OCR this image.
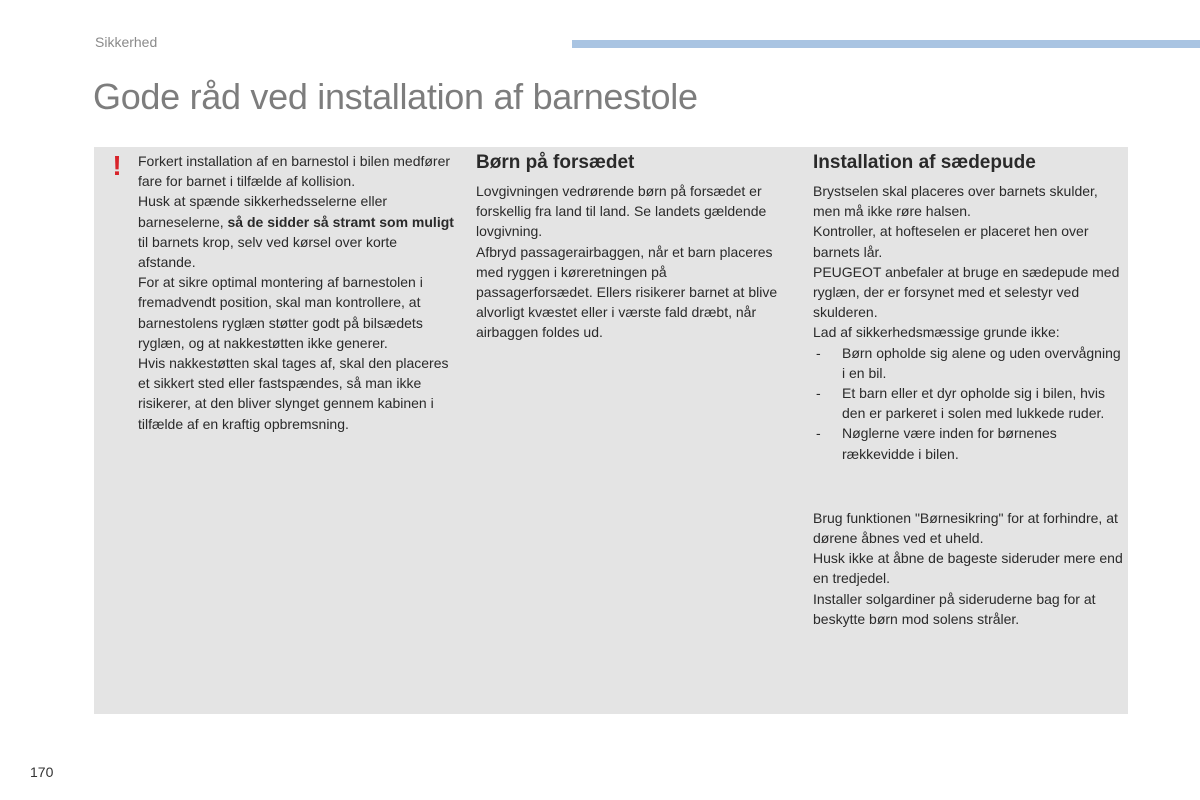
Sikkerhed
Gode råd ved installation af barnestole
!	Forkert installation af en barnestol i bilen medfører fare for barnet i tilfælde af kollision.

Husk at spænde sikkerhedsselerne eller barneselerne, så de sidder så stramt som muligt til barnets krop, selv ved kørsel over korte afstande.

For at sikre optimal montering af barnestolen i fremadvendt position, skal man kontrollere, at barnestolens ryglæn støtter godt på bilsædets ryglæn, og at nakkestøtten ikke generer.

Hvis nakkestøtten skal tages af, skal den placeres et sikkert sted eller fastspændes, så man ikke risikerer, at den bliver slynget gennem kabinen i tilfælde af en kraftig opbremsning.

Børn på forsædet

Lovgivningen vedrørende børn på forsædet er forskellig fra land til land. Se landets gældende lovgivning.

Afbryd passagerairbaggen, når et barn placeres med ryggen i køreretningen på passagerforsædet. Ellers risikerer barnet at blive alvorligt kvæstet eller i værste fald dræbt, når airbaggen foldes ud.

Installation af sædepude

Brystselen skal placeres over barnets skulder, men må ikke røre halsen.

Kontroller, at hofteselen er placeret hen over barnets lår.

PEUGEOT anbefaler at bruge en sædepude med ryglæn, der er forsynet med et selestyr ved skulderen.

Lad af sikkerhedsmæssige grunde ikke:

- Børn opholde sig alene og uden overvågning i en bil.
- Et barn eller et dyr opholde sig i bilen, hvis den er parkeret i solen med lukkede ruder.
- Nøglerne være inden for børnenes rækkevidde i bilen.

Brug funktionen "Børnesikring" for at forhindre, at dørene åbnes ved et uheld.

Husk ikke at åbne de bageste sideruder mere end en tredjedel.

Installer solgardiner på sideruderne bag for at beskytte børn mod solens stråler.

170
